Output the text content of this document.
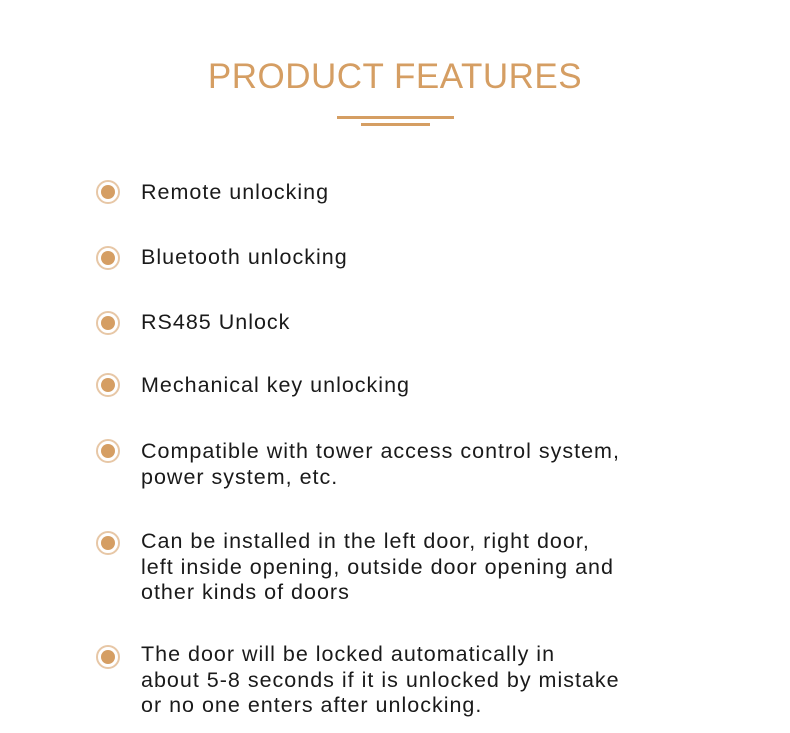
PRODUCT FEATURES
Remote unlocking
Bluetooth unlocking
RS485 Unlock
Mechanical key unlocking
Compatible with tower access control system,
power system, etc.
Can be installed in the left door, right door,
left inside opening, outside door opening and
other kinds of doors
The door will be locked automatically in
about 5-8 seconds if it is unlocked by mistake
or no one enters after unlocking.
